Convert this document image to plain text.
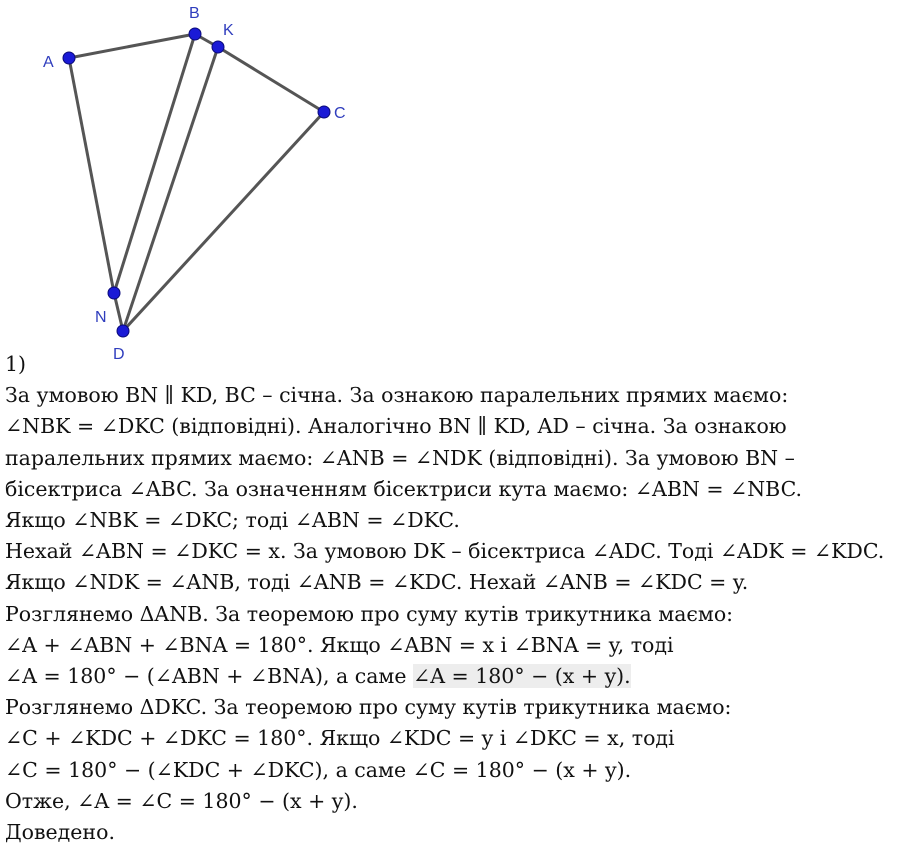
A
B
K
C
N
D
1)
За умовою BN ∥ KD, BC – січна. За ознакою паралельних прямих маємо:
∠NBK = ∠DKC (відповідні). Аналогічно BN ∥ KD, AD – січна. За ознакою
паралельних прямих маємо: ∠ANB = ∠NDK (відповідні). За умовою BN –
бісектриса ∠ABC. За означенням бісектриси кута маємо: ∠ABN = ∠NBC.
Якщо ∠NBK = ∠DKC; тоді ∠ABN = ∠DKC.
Нехай ∠ABN = ∠DKC = x. За умовою DK – бісектриса ∠ADC. Тоді ∠ADK = ∠KDC.
Якщо ∠NDK = ∠ANB, тоді ∠ANB = ∠KDC. Нехай ∠ANB = ∠KDC = y.
Розглянемо ΔANB. За теоремою про суму кутів трикутника маємо:
∠A + ∠ABN + ∠BNA = 180°. Якщо ∠ABN = x і ∠BNA = y, тоді
∠A = 180° − (∠ABN + ∠BNA), а саме ∠A = 180° − (x + y).
Розглянемо ΔDKC. За теоремою про суму кутів трикутника маємо:
∠C + ∠KDC + ∠DKC = 180°. Якщо ∠KDC = y і ∠DKC = x, тоді
∠C = 180° − (∠KDC + ∠DKC), а саме ∠C = 180° − (x + y).
Отже, ∠A = ∠C = 180° − (x + y).
Доведено.
